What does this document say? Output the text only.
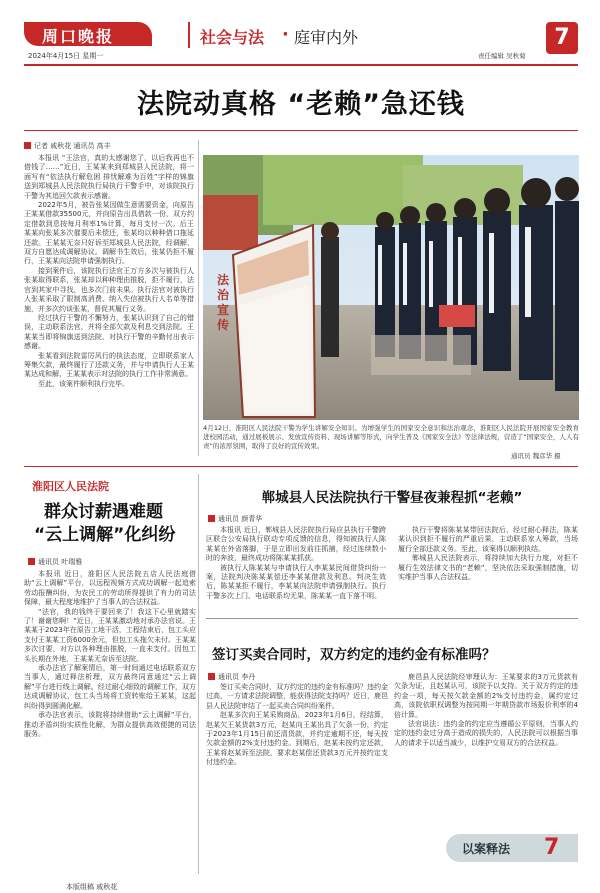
周口晚报
2024年4月15日 星期一
社会与法 · 庭审内外
责任编辑 吴秋菊
7
法院动真格 “老赖”急还钱
记者 戚秋花 通讯员 高丰

本报讯 “王法官，真的太感谢您了，以后我再也不借钱了……”近日，王某某来到郑城县人民法院，将一面写有“依法执行解危困 排忧解难为百姓”字样的锦旗送到郑城县人民法院执行局执行干警手中，对该院执行干警为其追回欠款表示感谢。

2022年5月，被告张某因做生意需要资金，向原告王某某借款35500元，并向原告出具借款一份，双方约定借款到息按每月利率1%计算，每月支付一次。后王某某向张某多次催要后未偿还，张某均以种种借口拖延还款。王某某无奈只好诉至郑城县人民法院，经调解，双方自愿达成调解协议。调解书生效后，张某仍拒不履行，王某某向法院申请强制执行。

接到案件后，该院执行法官王万方多次与被执行人张某取得联系，张某却以种种理由推脱，拒不履行，法官到其家中寻找，也多次门前未果。执行法官对被执行人张某采取了限制高消费、纳入失信被执行人名单等措施，并多次约谈张某，督促其履行义务。

经过执行干警的不懈努力，张某认识到了自己的错误，主动联系法官，并将全部欠款及利息交到法院。王某某当即将锦旗送到法院，对执行干警的辛勤付出表示感谢。

张某看到法院雷厉风行的执法态度，立即联系家人筹集欠款，最终履行了还款义务，并与申请执行人王某某达成和解，王某某表示对法院的执行工作非常满意。

至此，该案件顺利执行完毕。

法治宣传
4月12日，淮阳区人民法院干警为学生讲解安全知识。为增强学生的国家安全意识和法治观念，淮阳区人民法院开展国家安全教育进校园活动，通过展板展示、发放宣传资料、现场讲解等形式，向学生普及《国家安全法》等法律法规，营造了“国家安全，人人有责”的浓厚氛围，取得了良好的宣传效果。
通讯员 魏彦华 摄
淮阳区人民法院
群众讨薪遇难题
“云上调解”化纠纷
通讯员 叶瑞雅

本报讯 近日，淮阳区人民法院五店人民法庭借助“云上调解”平台，以远程视频方式成功调解一起追索劳动报酬纠纷，为农民工的劳动所得提供了有力的司法保障，最大程度地维护了当事人的合法权益。

“法官，我的钱终于要回来了！我这下心里就踏实了！谢谢您啊！”近日，王某某激动地对承办法官说。王某某于2023年在原告工地干活，工程结束后，包工头应支付王某某工资6000余元，但包工头拖欠未付。王某某多次讨要，对方以各种理由推脱，一直未支付。因包工头长期在外地，王某某无奈诉至法院。

承办法官了解案情后，第一时间通过电话联系双方当事人，通过释法析理，双方最终同意通过“云上调解”平台进行线上调解。经过耐心细致的调解工作，双方达成调解协议，包工头当场将工资转账给王某某，这起纠纷得到圆满化解。

承办法官表示，该院将持续借助“云上调解”平台，推动矛盾纠纷实质性化解，为群众提供高效便捷的司法服务。

郸城县人民法院执行干警昼夜兼程抓“老赖”
通讯员 颜青华

本报讯 近日，郸城县人民法院执行局应县执行干警跨区联合公安局执行联动专项反馈的信息，得知被执行人陈某某在外省落脚，于是立即出发前往抓捕，经过连续数小时的奔波，最终成功将陈某某抓获。

被执行人陈某某与申请执行人李某某民间借贷纠纷一案，法院判决陈某某偿还李某某借款及利息。判决生效后，陈某某拒不履行，李某某向法院申请强制执行。执行干警多次上门、电话联系均无果，陈某某一直下落不明。

执行干警将陈某某带回法院后，经过耐心释法，陈某某认识到拒不履行的严重后果，主动联系家人筹款，当场履行全部还款义务。至此，该案得以顺利执结。

郸城县人民法院表示，将持续加大执行力度，对拒不履行生效法律文书的“老赖”，坚决依法采取强制措施，切实维护当事人合法权益。

签订买卖合同时，双方约定的违约金有标准吗？
通讯员 李丹

签订买卖合同时，双方约定的违约金有标准吗？违约金过高，一方请求法院调整，能获得法院支持吗？近日，鹿邑县人民法院审结了一起买卖合同纠纷案件。

赵某多次向王某采购商品，2023年1月6日，经结算，赵某欠王某货款3万元，赵某向王某出具了欠条一份，约定于2023年1月15日前还清货款，并约定逾期不还，每天按欠款金额的2%支付违约金。到期后，赵某未按约定还款，王某将赵某诉至法院，要求赵某偿还货款3万元并按约定支付违约金。

鹿邑县人民法院经审理认为：王某要求的3万元货款有欠条为证，且赵某认可，该院予以支持。关于双方约定的违约金一项，每天按欠款金额的2%支付违约金，属约定过高，该院依职权调整为按同期一年期贷款市场报价利率的4倍计算。

法官说法：违约金的约定应当遵循公平原则，当事人约定的违约金过分高于造成的损失的，人民法院可以根据当事人的请求予以适当减少，以维护交易双方的合法权益。

以案释法 7
本版组稿 戚秋花
